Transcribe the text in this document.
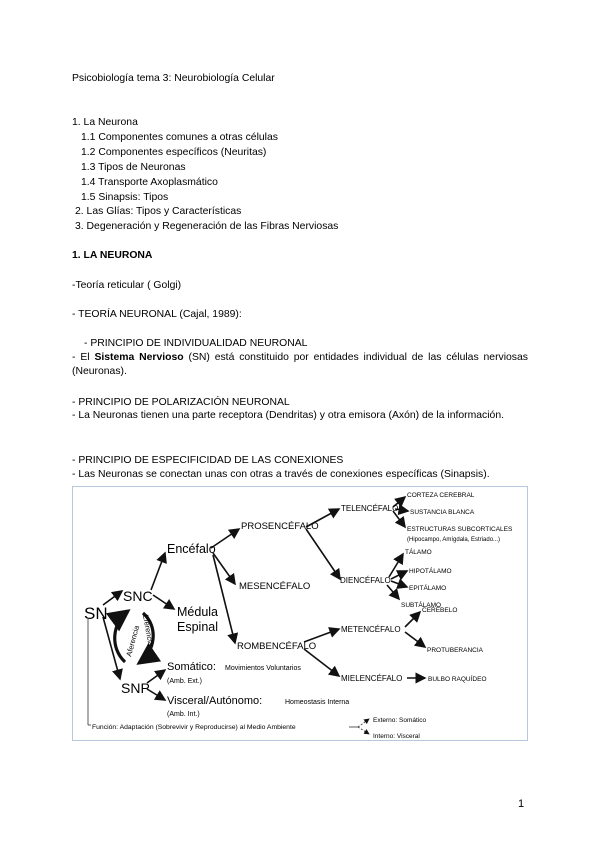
Psicobiología tema 3: Neurobiología Celular
1. La Neurona
1.1 Componentes comunes a otras células
1.2 Componentes específicos (Neuritas)
1.3 Tipos de Neuronas
1.4 Transporte Axoplasmático
1.5 Sinapsis: Tipos
2. Las Glías: Tipos y Características
3. Degeneración y Regeneración de las Fibras Nerviosas
1. LA NEURONA
-Teoría reticular ( Golgi)
- TEORÍA NEURONAL (Cajal, 1989):
- PRINCIPIO DE INDIVIDUALIDAD NEURONAL
- El Sistema Nervioso (SN) está constituido por entidades individual de las células nerviosas (Neuronas).
- PRINCIPIO DE POLARIZACIÓN NEURONAL
- La Neuronas tienen una parte receptora (Dendritas) y otra emisora (Axón) de la información.
- PRINCIPIO DE ESPECIFICIDAD DE LAS CONEXIONES
- Las Neuronas se conectan unas con otras a través de conexiones específicas (Sinapsis).
SN
SNC
SNP
Encéfalo
Médula
Espinal
Aferencia Eferencia
PROSENCÉFALO
MESENCÉFALO
ROMBENCÉFALO
TELENCÉFALO
DIENCÉFALO
METENCÉFALO
MIELENCÉFALO
CORTEZA CEREBRAL
SUSTANCIA BLANCA
ESTRUCTURAS SUBCORTICALES
(Hipocampo, Amígdala, Estriado...)
TÁLAMO
HIPOTÁLAMO
EPITÁLAMO
SUBTÁLAMO
CEREBELO
PROTUBERANCIA
BULBO RAQUÍDEO
Somático: Movimientos Voluntarios
(Amb. Ext.)
Visceral/Autónomo:	Homeostasis Interna
(Amb. Int.)
Función: Adaptación (Sobrevivir y Reproducirse) al Medio Ambiente
Externo: Somático
Interno: Visceral
1
